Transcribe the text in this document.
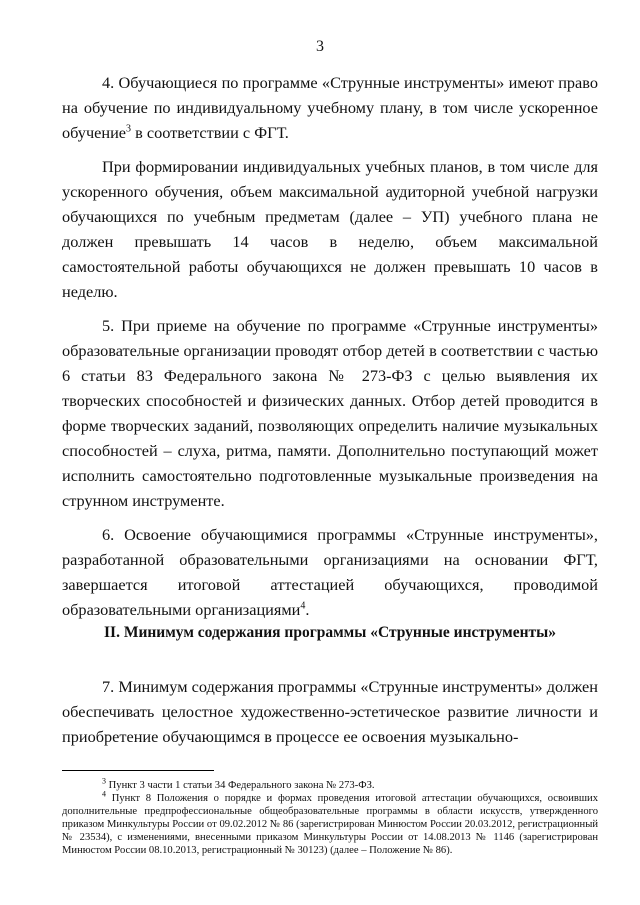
3

4. Обучающиеся по программе «Струнные инструменты» имеют право на обучение по индивидуальному учебному плану, в том числе ускоренное обучение$^3$ в соответствии с ФГТ.

При формировании индивидуальных учебных планов, в том числе для ускоренного обучения, объем максимальной аудиторной учебной нагрузки обучающихся по учебным предметам (далее – УП) учебного плана не должен превышать 14 часов в неделю, объем максимальной самостоятельной работы обучающихся не должен превышать 10 часов в неделю.

5. При приеме на обучение по программе «Струнные инструменты» образовательные организации проводят отбор детей в соответствии с частью 6 статьи 83 Федерального закона № 273-ФЗ с целью выявления их творческих способностей и физических данных. Отбор детей проводится в форме творческих заданий, позволяющих определить наличие музыкальных способностей – слуха, ритма, памяти. Дополнительно поступающий может исполнить самостоятельно подготовленные музыкальные произведения на струнном инструменте.

6. Освоение обучающимися программы «Струнные инструменты», разработанной образовательными организациями на основании ФГТ, завершается итоговой аттестацией обучающихся, проводимой образовательными организациями$^4$.

II. Минимум содержания программы «Струнные инструменты»

7. Минимум содержания программы «Струнные инструменты» должен обеспечивать целостное художественно-эстетическое развитие личности и приобретение обучающимся в процессе ее освоения музыкально-

$^3$ Пункт 3 части 1 статьи 34 Федерального закона № 273-ФЗ.

$^4$ Пункт 8 Положения о порядке и формах проведения итоговой аттестации обучающихся, освоивших дополнительные предпрофессиональные общеобразовательные программы в области искусств, утвержденного приказом Минкультуры России от 09.02.2012 № 86 (зарегистрирован Минюстом России 20.03.2012, регистрационный № 23534), с изменениями, внесенными приказом Минкультуры России от 14.08.2013 № 1146 (зарегистрирован Минюстом России 08.10.2013, регистрационный № 30123) (далее – Положение № 86).
